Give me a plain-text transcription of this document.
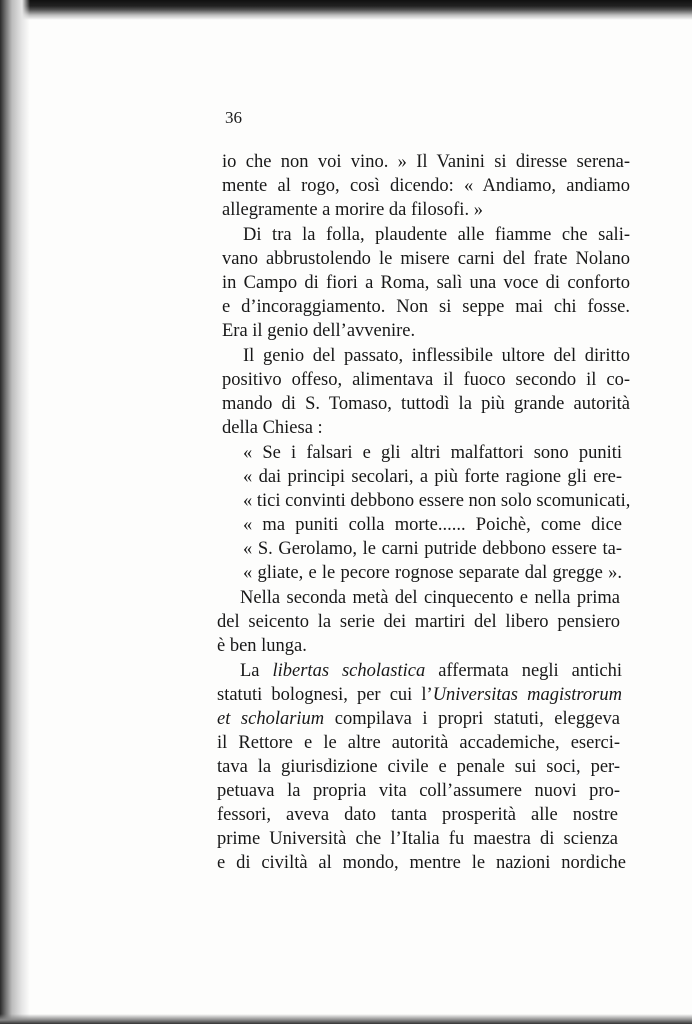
36
io che non voi vino. » Il Vanini si diresse serena-
mente al rogo, così dicendo: « Andiamo, andiamo
allegramente a morire da filosofi. »
Di tra la folla, plaudente alle fiamme che sali-
vano abbrustolendo le misere carni del frate Nolano
in Campo di fiori a Roma, salì una voce di conforto
e d’incoraggiamento. Non si seppe mai chi fosse.
Era il genio dell’avvenire.
Il genio del passato, inflessibile ultore del diritto
positivo offeso, alimentava il fuoco secondo il co-
mando di S. Tomaso, tuttodì la più grande autorità
della Chiesa :
« Se i falsari e gli altri malfattori sono puniti
« dai principi secolari, a più forte ragione gli ere-
« tici convinti debbono essere non solo scomunicati,
« ma puniti colla morte...... Poichè, come dice
« S. Gerolamo, le carni putride debbono essere ta-
« gliate, e le pecore rognose separate dal gregge ».
Nella seconda metà del cinquecento e nella prima
del seicento la serie dei martiri del libero pensiero
è ben lunga.
La libertas scholastica affermata negli antichi
statuti bolognesi, per cui l’Universitas magistrorum
et scholarium compilava i propri statuti, eleggeva
il Rettore e le altre autorità accademiche, eserci-
tava la giurisdizione civile e penale sui soci, per-
petuava la propria vita coll’assumere nuovi pro-
fessori, aveva dato tanta prosperità alle nostre
prime Università che l’Italia fu maestra di scienza
e di civiltà al mondo, mentre le nazioni nordiche
